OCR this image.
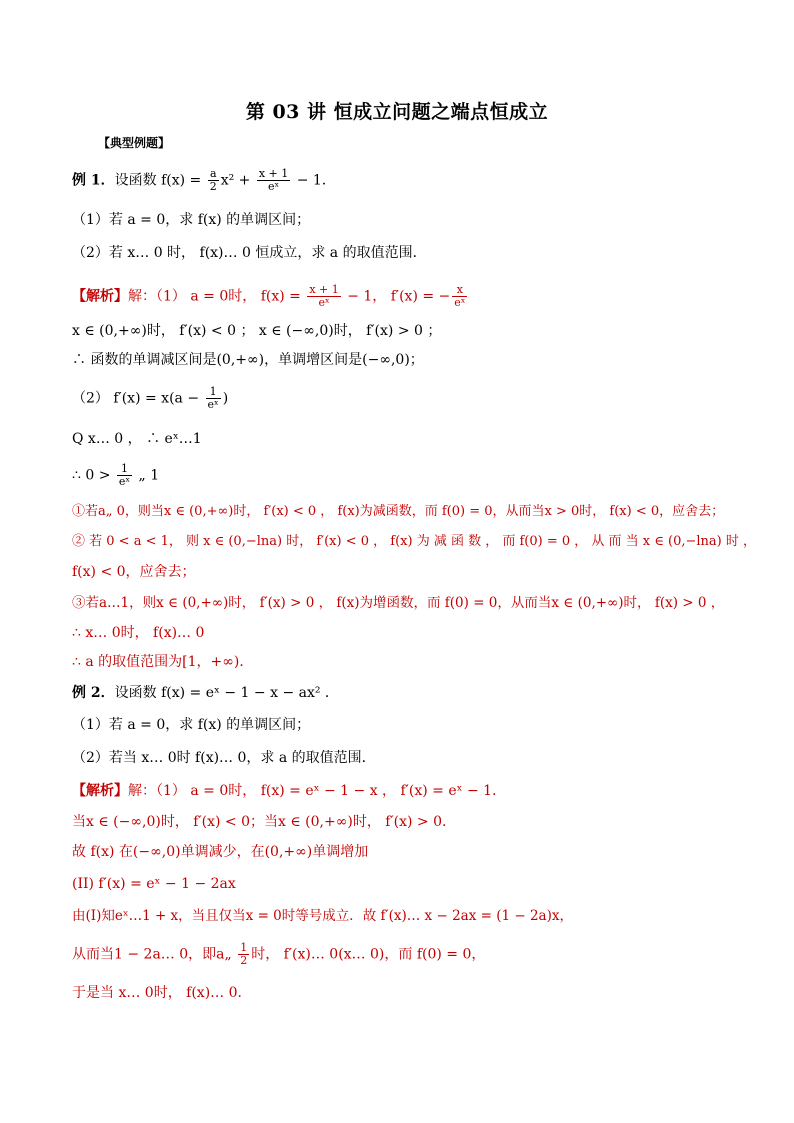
第 03 讲 恒成立问题之端点恒成立
【典型例题】
例 1．设函数 $f(x) = \frac{a}{2} x^2 + \frac{x + 1}{\text{eˣ}} - 1$．
（1）若 a = 0，求 f(x) 的单调区间；
（2）若 x… 0 时， f(x)… 0 恒成立，求 a 的取值范围．
【解析】解：（1） a = 0时， $f(x) = \frac{x + 1}{\text{eˣ}} - 1$， f′(x) = − $\frac{x}{\text{eˣ}}$
x ∈ (0,+∞)时， f′(x) < 0 ； x ∈ (−∞,0)时， f′(x) > 0 ；
∴ 函数的单调减区间是(0,+∞)，单调增区间是(−∞,0)；
（2） $f'(x) = x(a - \frac{1}{\text{eˣ}}$ )
Q x… 0 ， ∴ eˣ…1
∴ $0 > \frac{1}{\text{eˣ}}$ „ 1
①若a„ 0，则当x ∈ (0,+∞)时， f′(x) < 0 ， f(x)为减函数，而 f(0) = 0，从而当x > 0时， f(x) < 0，应舍去；
② 若 0 < a < 1， 则 x ∈ (0,−lna) 时， f′(x) < 0 ， f(x) 为 减 函 数 ， 而 f(0) = 0 ， 从 而 当 x ∈ (0,−lna) 时 ，
f(x) < 0，应舍去；
③若a…1，则x ∈ (0,+∞)时， f′(x) > 0 ， f(x)为增函数，而 f(0) = 0，从而当x ∈ (0,+∞)时， f(x) > 0 ，
∴ x… 0时， f(x)… 0
∴ a 的取值范围为[1，+∞)．
例 2．设函数 f(x) = eˣ − 1 − x − ax² ．
（1）若 a = 0，求 f(x) 的单调区间；
（2）若当 x… 0时 f(x)… 0，求 a 的取值范围．
【解析】解：（1） a = 0时， f(x) = eˣ − 1 − x ， f′(x) = eˣ − 1．
当x ∈ (−∞,0)时， f′(x) < 0；当x ∈ (0,+∞)时， f′(x) > 0．
故 f(x) 在(−∞,0)单调减少，在(0,+∞)单调增加
(II) f′(x) = eˣ − 1 − 2ax
由(I)知eˣ…1 + x，当且仅当x = 0时等号成立．故 f′(x)… x − 2ax = (1 − 2a)x，
从而当1 − 2a… 0，即a„ $\frac{1}{2}$ 时， f′(x)… 0(x… 0)，而 f(0) = 0，
于是当 x… 0时， f(x)… 0．
